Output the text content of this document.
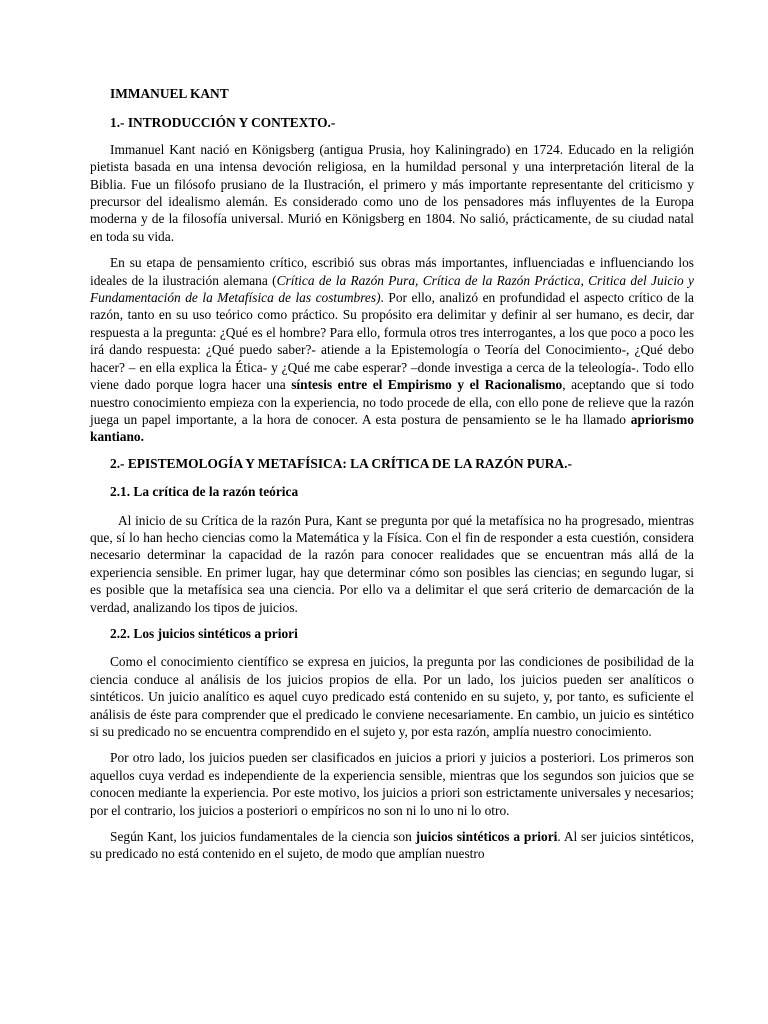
IMMANUEL KANT
1.- INTRODUCCIÓN Y CONTEXTO.-

Immanuel Kant nació en Königsberg (antigua Prusia, hoy Kaliningrado) en 1724. Educado en la religión pietista basada en una intensa devoción religiosa, en la humildad personal y una interpretación literal de la Biblia. Fue un filósofo prusiano de la Ilustración, el primero y más importante representante del criticismo y precursor del idealismo alemán. Es considerado como uno de los pensadores más influyentes de la Europa moderna y de la filosofía universal. Murió en Königsberg en 1804. No salió, prácticamente, de su ciudad natal en toda su vida.

En su etapa de pensamiento crítico, escribió sus obras más importantes, influenciadas e influenciando los ideales de la ilustración alemana (Crítica de la Razón Pura, Crítica de la Razón Práctica, Critica del Juicio y Fundamentación de la Metafísica de las costumbres). Por ello, analizó en profundidad el aspecto crítico de la razón, tanto en su uso teórico como práctico. Su propósito era delimitar y definir al ser humano, es decir, dar respuesta a la pregunta: ¿Qué es el hombre? Para ello, formula otros tres interrogantes, a los que poco a poco les irá dando respuesta: ¿Qué puedo saber?- atiende a la Epistemología o Teoría del Conocimiento-, ¿Qué debo hacer? – en ella explica la Ética- y ¿Qué me cabe esperar? –donde investiga a cerca de la teleología-. Todo ello viene dado porque logra hacer una síntesis entre el Empirismo y el Racionalismo, aceptando que si todo nuestro conocimiento empieza con la experiencia, no todo procede de ella, con ello pone de relieve que la razón juega un papel importante, a la hora de conocer. A esta postura de pensamiento se le ha llamado apriorismo kantiano.

2.- EPISTEMOLOGÍA Y METAFÍSICA: LA CRÍTICA DE LA RAZÓN PURA.-
2.1. La crítica de la razón teórica

Al inicio de su Crítica de la razón Pura, Kant se pregunta por qué la metafísica no ha progresado, mientras que, sí lo han hecho ciencias como la Matemática y la Física. Con el fin de responder a esta cuestión, considera necesario determinar la capacidad de la razón para conocer realidades que se encuentran más allá de la experiencia sensible. En primer lugar, hay que determinar cómo son posibles las ciencias; en segundo lugar, si es posible que la metafísica sea una ciencia. Por ello va a delimitar el que será criterio de demarcación de la verdad, analizando los tipos de juicios.

2.2. Los juicios sintéticos a priori

Como el conocimiento científico se expresa en juicios, la pregunta por las condiciones de posibilidad de la ciencia conduce al análisis de los juicios propios de ella. Por un lado, los juicios pueden ser analíticos o sintéticos. Un juicio analítico es aquel cuyo predicado está contenido en su sujeto, y, por tanto, es suficiente el análisis de éste para comprender que el predicado le conviene necesariamente. En cambio, un juicio es sintético si su predicado no se encuentra comprendido en el sujeto y, por esta razón, amplía nuestro conocimiento.

Por otro lado, los juicios pueden ser clasificados en juicios a priori y juicios a posteriori. Los primeros son aquellos cuya verdad es independiente de la experiencia sensible, mientras que los segundos son juicios que se conocen mediante la experiencia. Por este motivo, los juicios a priori son estrictamente universales y necesarios; por el contrario, los juicios a posteriori o empíricos no son ni lo uno ni lo otro.

Según Kant, los juicios fundamentales de la ciencia son juicios sintéticos a priori. Al ser juicios sintéticos, su predicado no está contenido en el sujeto, de modo que amplían nuestro
